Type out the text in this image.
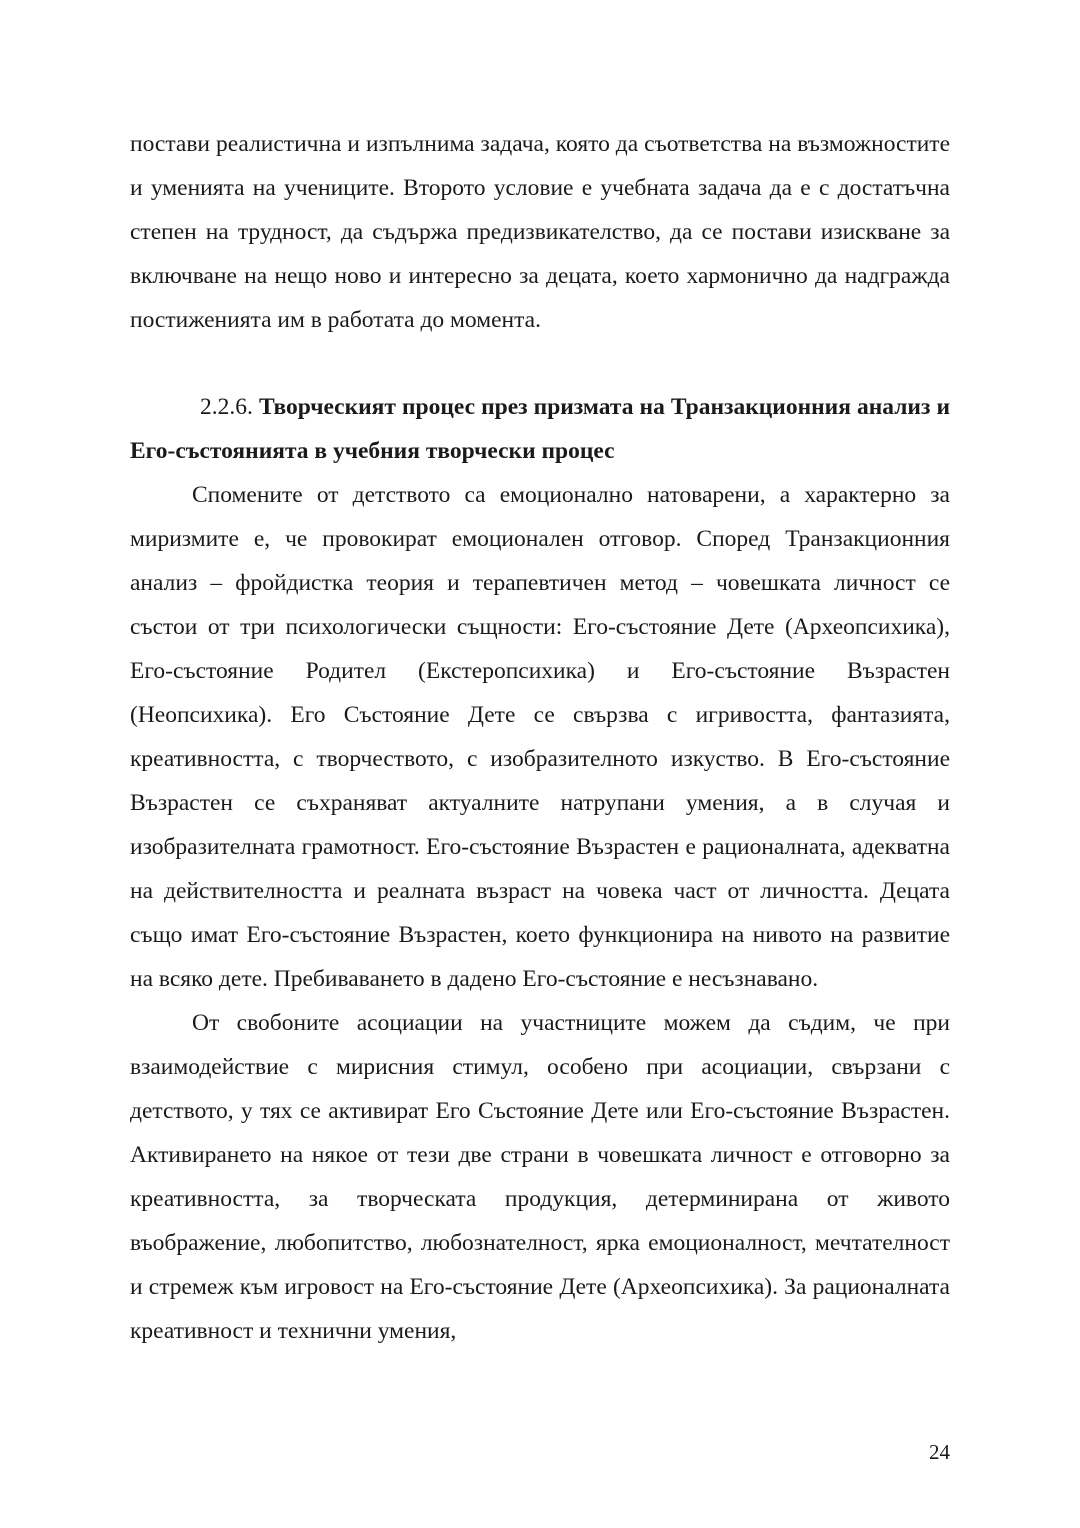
постави реалистична и изпълнима задача, която да съответства на възможностите и уменията на учениците. Второто условие е учебната задача да е с достатъчна степен на трудност, да съдържа предизвикателство, да се постави изискване за включване на нещо ново и интересно за децата, което хармонично да надгражда постиженията им в работата до момента.

2.2.6. Творческият процес през призмата на Транзакционния анализ и Его-състоянията в учебния творчески процес

Спомените от детството са емоционално натоварени, а характерно за миризмите е, че провокират емоционален отговор. Според Транзакционния анализ – фройдистка теория и терапевтичен метод – човешката личност се състои от три психологически същности: Его-състояние Дете (Археопсихика), Его-състояние Родител (Екстеропсихика) и Его-състояние Възрастен (Неопсихика). Его Състояние Дете се свързва с игривостта, фантазията, креативността, с творчеството, с изобразителното изкуство. В Его-състояние Възрастен се съхраняват актуалните натрупани умения, а в случая и изобразителната грамотност. Его-състояние Възрастен е рационалната, адекватна на действителността и реалната възраст на човека част от личността. Децата също имат Его-състояние Възрастен, което функционира на нивото на развитие на всяко дете. Пребиваването в дадено Его-състояние е несъзнавано.

От свобоните асоциации на участниците можем да съдим, че при взаимодействие с мирисния стимул, особено при асоциации, свързани с детството, у тях се активират Его Състояние Дете или Его-състояние Възрастен. Активирането на някое от тези две страни в човешката личност е отговорно за креативността, за творческата продукция, детерминирана от живото въображение, любопитство, любознателност, ярка емоционалност, мечтателност и стремеж към игровост на Его-състояние Дете (Археопсихика). За рационалната креативност и технични умения,

24
